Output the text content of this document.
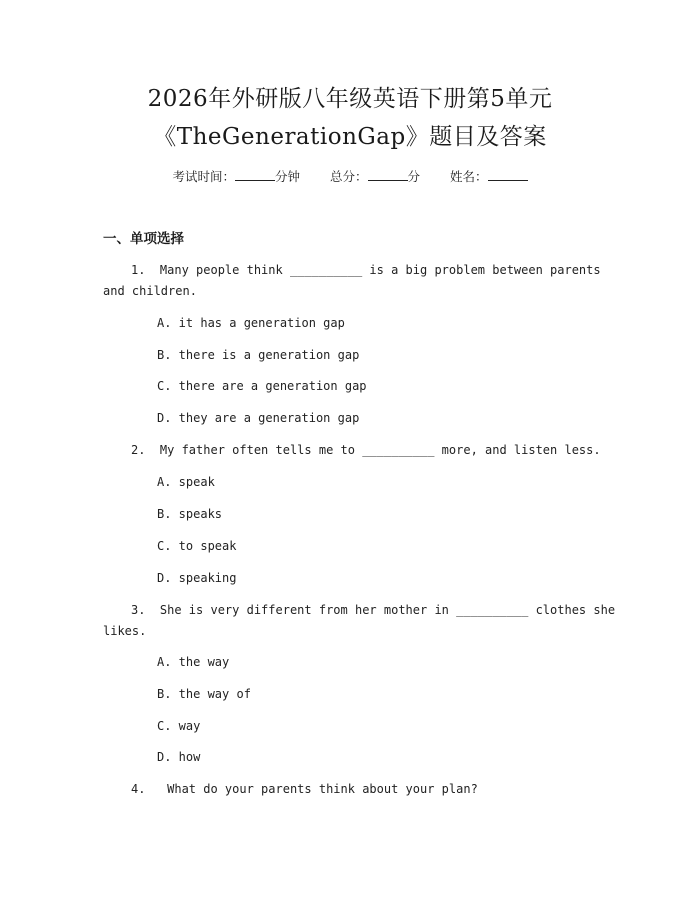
2026年外研版八年级英语下册第5单元
《TheGenerationGap》题目及答案
考试时间：	分钟 总分：	分 姓名：
一、单项选择
1. Many people think __________ is a big problem between parents
and children.
A. it has a generation gap
B. there is a generation gap
C. there are a generation gap
D. they are a generation gap
2. My father often tells me to __________ more, and listen less.
A. speak
B. speaks
C. to speak
D. speaking
3. She is very different from her mother in __________ clothes she
likes.
A. the way
B. the way of
C. way
D. how
4.   What do your parents think about your plan?
